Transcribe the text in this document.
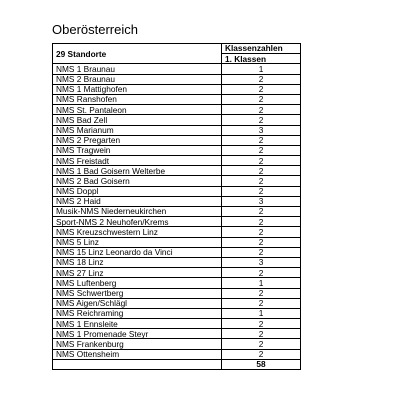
Oberösterreich
29 Standorte	Klassenzahlen
	1. Klassen
NMS 1 Braunau	1
NMS 2 Braunau	2
NMS 1 Mattighofen	2
NMS Ranshofen	2
NMS St. Pantaleon	2
NMS Bad Zell	2
NMS Marianum	3
NMS 2 Pregarten	2
NMS Tragwein	2
NMS Freistadt	2
NMS 1 Bad Goisern Welterbe	2
NMS 2 Bad Goisern	2
NMS Doppl	2
NMS 2 Haid	3
Musik-NMS Niederneukirchen	2
Sport-NMS 2 Neuhofen/Krems	2
NMS Kreuzschwestern Linz	2
NMS 5 Linz	2
NMS 15 Linz Leonardo da Vinci	2
NMS 18 Linz	3
NMS 27 Linz	2
NMS Luftenberg	1
NMS Schwertberg	2
NMS Aigen/Schlägl	2
NMS Reichraming	1
NMS 1 Ennsleite	2
NMS 1 Promenade Steyr	2
NMS Frankenburg	2
NMS Ottensheim	2
	58
